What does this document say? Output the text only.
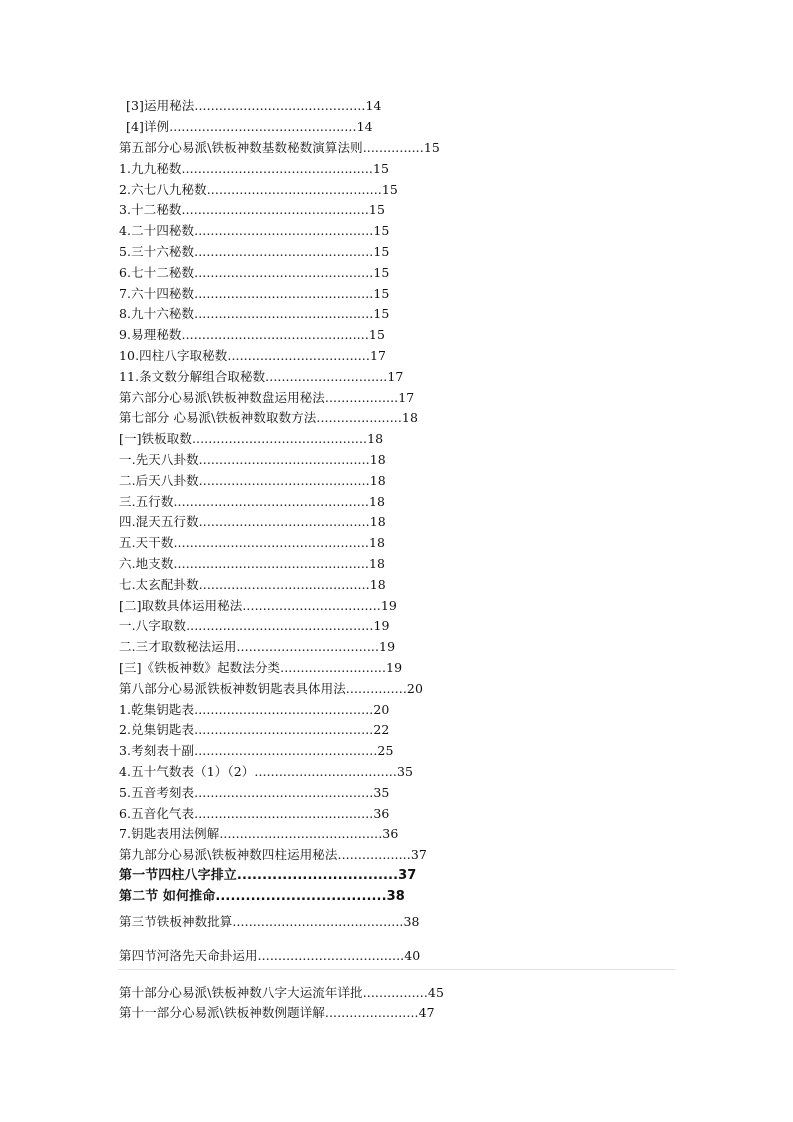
[3]运用秘法..........................................14
[4]详例..............................................14
第五部分心易派\铁板神数基数秘数演算法则...............15
1.九九秘数...............................................15
2.六七八九秘数...........................................15
3.十二秘数..............................................15
4.二十四秘数............................................15
5.三十六秘数............................................15
6.七十二秘数............................................15
7.六十四秘数............................................15
8.九十六秘数............................................15
9.易理秘数..............................................15
10.四柱八字取秘数...................................17
11.条文数分解组合取秘数..............................17
第六部分心易派\铁板神数盘运用秘法..................17
第七部分 心易派\铁板神数取数方法.....................18
[一]铁板取数...........................................18
一.先天八卦数..........................................18
二.后天八卦数..........................................18
三.五行数................................................18
四.混天五行数..........................................18
五.天干数................................................18
六.地支数................................................18
七.太玄配卦数..........................................18
[二]取数具体运用秘法..................................19
一.八字取数..............................................19
二.三才取数秘法运用...................................19
[三]《铁板神数》起数法分类..........................19
第八部分心易派铁板神数钥匙表具体用法...............20
1.乾集钥匙表............................................20
2.兑集钥匙表............................................22
3.考刻表十副.............................................25
4.五十气数表（1）（2）...................................35
5.五音考刻表............................................35
6.五音化气表............................................36
7.钥匙表用法例解........................................36
第九部分心易派\铁板神数四柱运用秘法..................37
第一节四柱八字排立................................37
第二节 如何推命..................................38
第三节铁板神数批算..........................................38
第四节河洛先天命卦运用....................................40
第十部分心易派\铁板神数八字大运流年详批................45
第十一部分心易派\铁板神数例题详解.......................47
